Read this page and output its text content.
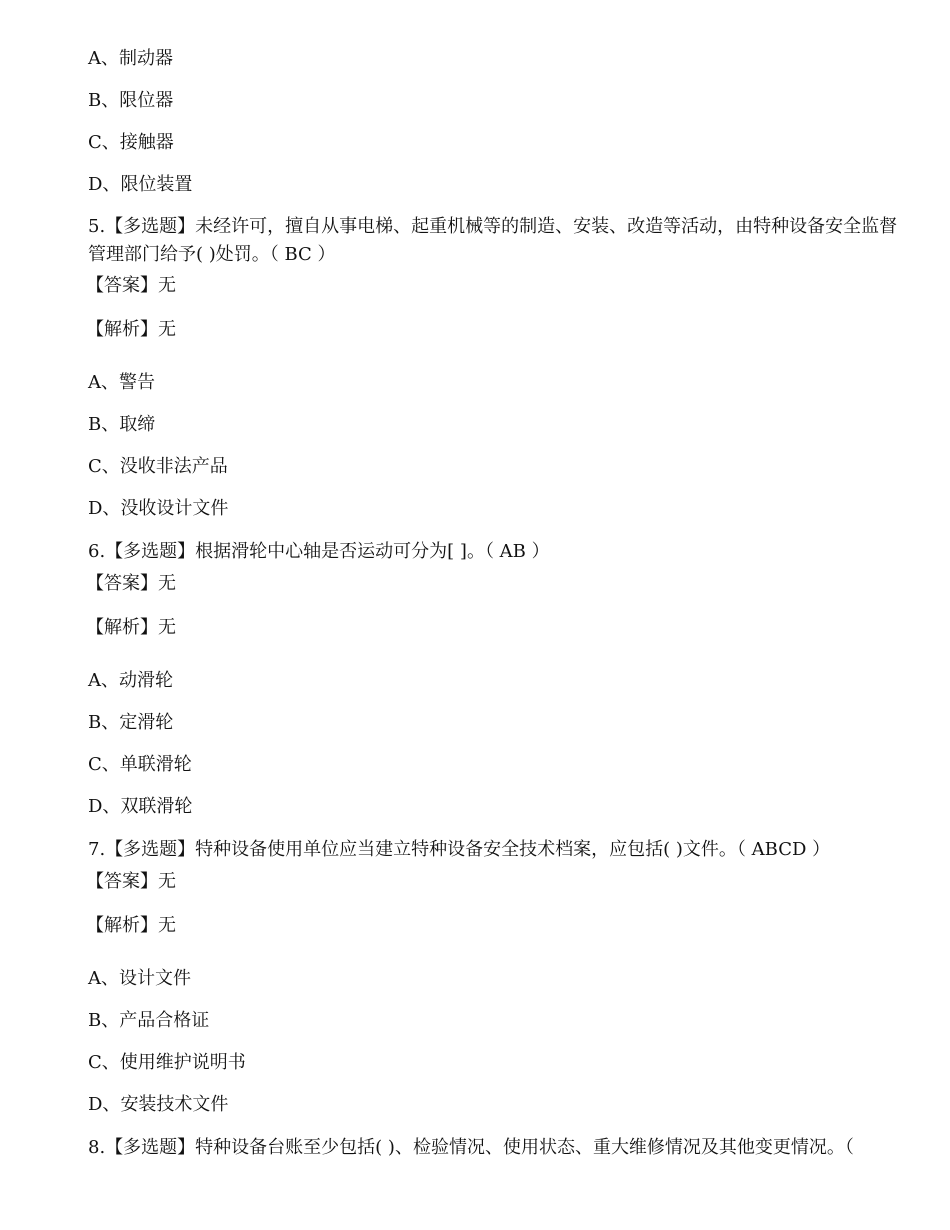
A、制动器
B、限位器
C、接触器
D、限位装置
5.【多选题】未经许可，擅自从事电梯、起重机械等的制造、安装、改造等活动，由特种设备安全监督管理部门给予( )处罚。（ BC ）
【答案】无
【解析】无
A、警告
B、取缔
C、没收非法产品
D、没收设计文件
6.【多选题】根据滑轮中心轴是否运动可分为[ ]。（ AB ）
【答案】无
【解析】无
A、动滑轮
B、定滑轮
C、单联滑轮
D、双联滑轮
7.【多选题】特种设备使用单位应当建立特种设备安全技术档案，应包括( )文件。（ ABCD ）
【答案】无
【解析】无
A、设计文件
B、产品合格证
C、使用维护说明书
D、安装技术文件
8.【多选题】特种设备台账至少包括( )、检验情况、使用状态、重大维修情况及其他变更情况。（
